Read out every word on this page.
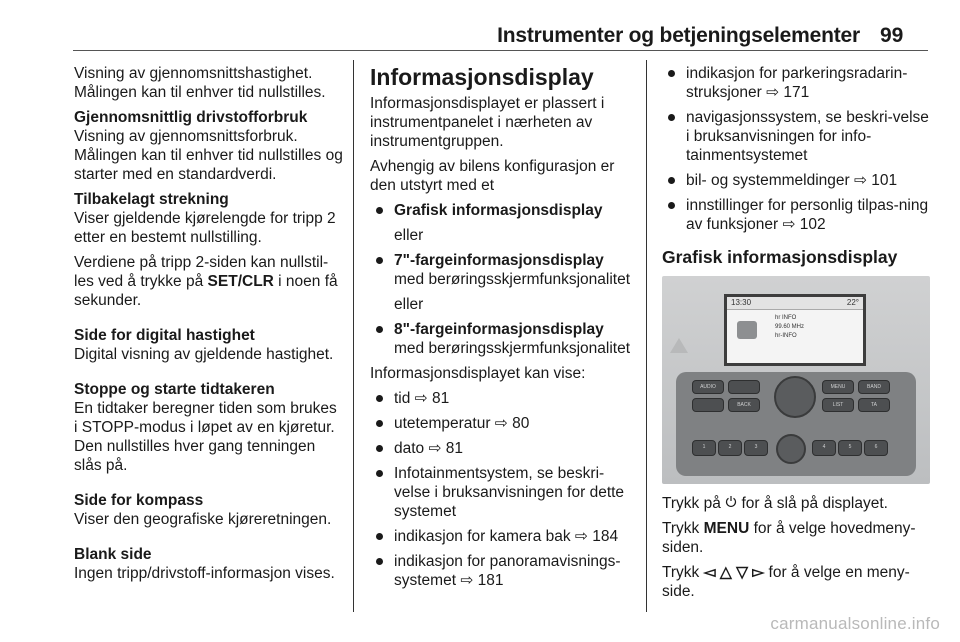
Instrumenter og betjeningselementer 99

Visning av gjennomsnittshastighet. Målingen kan til enhver tid nullstilles.

Gjennomsnittlig drivstofforbruk

Visning av gjennomsnittsforbruk. Målingen kan til enhver tid nullstilles og starter med en standardverdi.

Tilbakelagt strekning

Viser gjeldende kjørelengde for tripp 2 etter en bestemt nullstilling.

Verdiene på tripp 2-siden kan nullstil‐les ved å trykke på SET/CLR i noen få sekunder.

Side for digital hastighet

Digital visning av gjeldende hastighet.

Stoppe og starte tidtakeren

En tidtaker beregner tiden som brukes i STOPP-modus i løpet av en kjøretur. Den nullstilles hver gang tenningen slås på.

Side for kompass

Viser den geografiske kjøreretningen.

Blank side

Ingen tripp/drivstoff-informasjon vises.

Informasjonsdisplay

Informasjonsdisplayet er plassert i instrumentpanelet i nærheten av instrumentgruppen.

Avhengig av bilens konfigurasjon er den utstyrt med et

Grafisk informasjonsdisplay

eller

7"-fargeinformasjonsdisplay med berøringsskjermfunksjonalitet

eller

8"-fargeinformasjonsdisplay med berøringsskjermfunksjonalitet

Informasjonsdisplayet kan vise:

tid ⇨ 81
utetemperatur ⇨ 80
dato ⇨ 81
Infotainmentsystem, se beskri‐velse i bruksanvisningen for dette systemet
indikasjon for kamera bak ⇨ 184
indikasjon for panoramavisnings‐systemet ⇨ 181
indikasjon for parkeringsradarin‐struksjoner ⇨ 171
navigasjonssystem, se beskri‐velse i bruksanvisningen for info‐tainmentsystemet
bil- og systemmeldinger ⇨ 101
innstillinger for personlig tilpas‐ning av funksjoner ⇨ 102

Grafisk informasjonsdisplay

13:30	22°
hr INFO
99.60 MHz
hr-INFO
AUDIO	MENU	BAND
BACK	LIST	TA
1	2	3	4	5	6

Trykk på  for å slå på displayet.

Trykk MENU for å velge hovedmeny-siden.

Trykk ◅ △ ▽ ▻ for å velge en meny-side.

carmanualsonline.info
